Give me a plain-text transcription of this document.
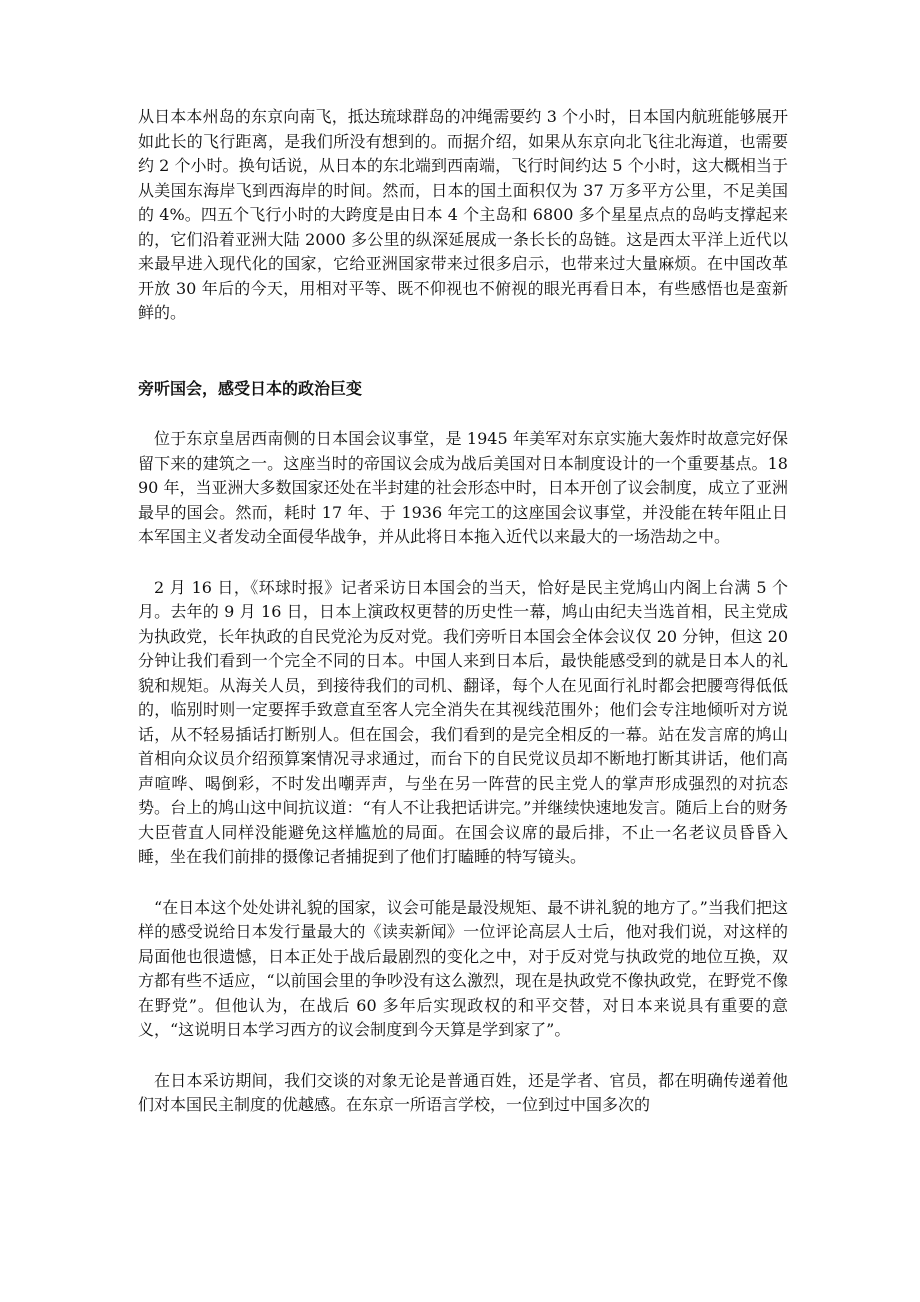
从日本本州岛的东京向南飞，抵达琉球群岛的冲绳需要约 3 个小时，日本国内航班能够展开如此长的飞行距离，是我们所没有想到的。而据介绍，如果从东京向北飞往北海道，也需要约 2 个小时。换句话说，从日本的东北端到西南端，飞行时间约达 5 个小时，这大概相当于从美国东海岸飞到西海岸的时间。然而，日本的国土面积仅为 37 万多平方公里，不足美国的 4%。四五个飞行小时的大跨度是由日本 4 个主岛和 6800 多个星星点点的岛屿支撑起来的，它们沿着亚洲大陆 2000 多公里的纵深延展成一条长长的岛链。这是西太平洋上近代以来最早进入现代化的国家，它给亚洲国家带来过很多启示，也带来过大量麻烦。在中国改革开放 30 年后的今天，用相对平等、既不仰视也不俯视的眼光再看日本，有些感悟也是蛮新鲜的。

旁听国会，感受日本的政治巨变

位于东京皇居西南侧的日本国会议事堂，是 1945 年美军对东京实施大轰炸时故意完好保留下来的建筑之一。这座当时的帝国议会成为战后美国对日本制度设计的一个重要基点。1890 年，当亚洲大多数国家还处在半封建的社会形态中时，日本开创了议会制度，成立了亚洲最早的国会。然而，耗时 17 年、于 1936 年完工的这座国会议事堂，并没能在转年阻止日本军国主义者发动全面侵华战争，并从此将日本拖入近代以来最大的一场浩劫之中。

2 月 16 日，《环球时报》记者采访日本国会的当天，恰好是民主党鸠山内阁上台满 5 个月。去年的 9 月 16 日，日本上演政权更替的历史性一幕，鸠山由纪夫当选首相，民主党成为执政党，长年执政的自民党沦为反对党。我们旁听日本国会全体会议仅 20 分钟，但这 20 分钟让我们看到一个完全不同的日本。中国人来到日本后，最快能感受到的就是日本人的礼貌和规矩。从海关人员，到接待我们的司机、翻译，每个人在见面行礼时都会把腰弯得低低的，临别时则一定要挥手致意直至客人完全消失在其视线范围外；他们会专注地倾听对方说话，从不轻易插话打断别人。但在国会，我们看到的是完全相反的一幕。站在发言席的鸠山首相向众议员介绍预算案情况寻求通过，而台下的自民党议员却不断地打断其讲话，他们高声喧哗、喝倒彩，不时发出嘲弄声，与坐在另一阵营的民主党人的掌声形成强烈的对抗态势。台上的鸠山这中间抗议道：“有人不让我把话讲完。”并继续快速地发言。随后上台的财务大臣菅直人同样没能避免这样尴尬的局面。在国会议席的最后排，不止一名老议员昏昏入睡，坐在我们前排的摄像记者捕捉到了他们打瞌睡的特写镜头。

“在日本这个处处讲礼貌的国家，议会可能是最没规矩、最不讲礼貌的地方了。”当我们把这样的感受说给日本发行量最大的《读卖新闻》一位评论高层人士后，他对我们说，对这样的局面他也很遗憾，日本正处于战后最剧烈的变化之中，对于反对党与执政党的地位互换，双方都有些不适应，“以前国会里的争吵没有这么激烈，现在是执政党不像执政党，在野党不像在野党”。但他认为，在战后 60 多年后实现政权的和平交替，对日本来说具有重要的意义，“这说明日本学习西方的议会制度到今天算是学到家了”。

在日本采访期间，我们交谈的对象无论是普通百姓，还是学者、官员，都在明确传递着他们对本国民主制度的优越感。在东京一所语言学校，一位到过中国多次的
